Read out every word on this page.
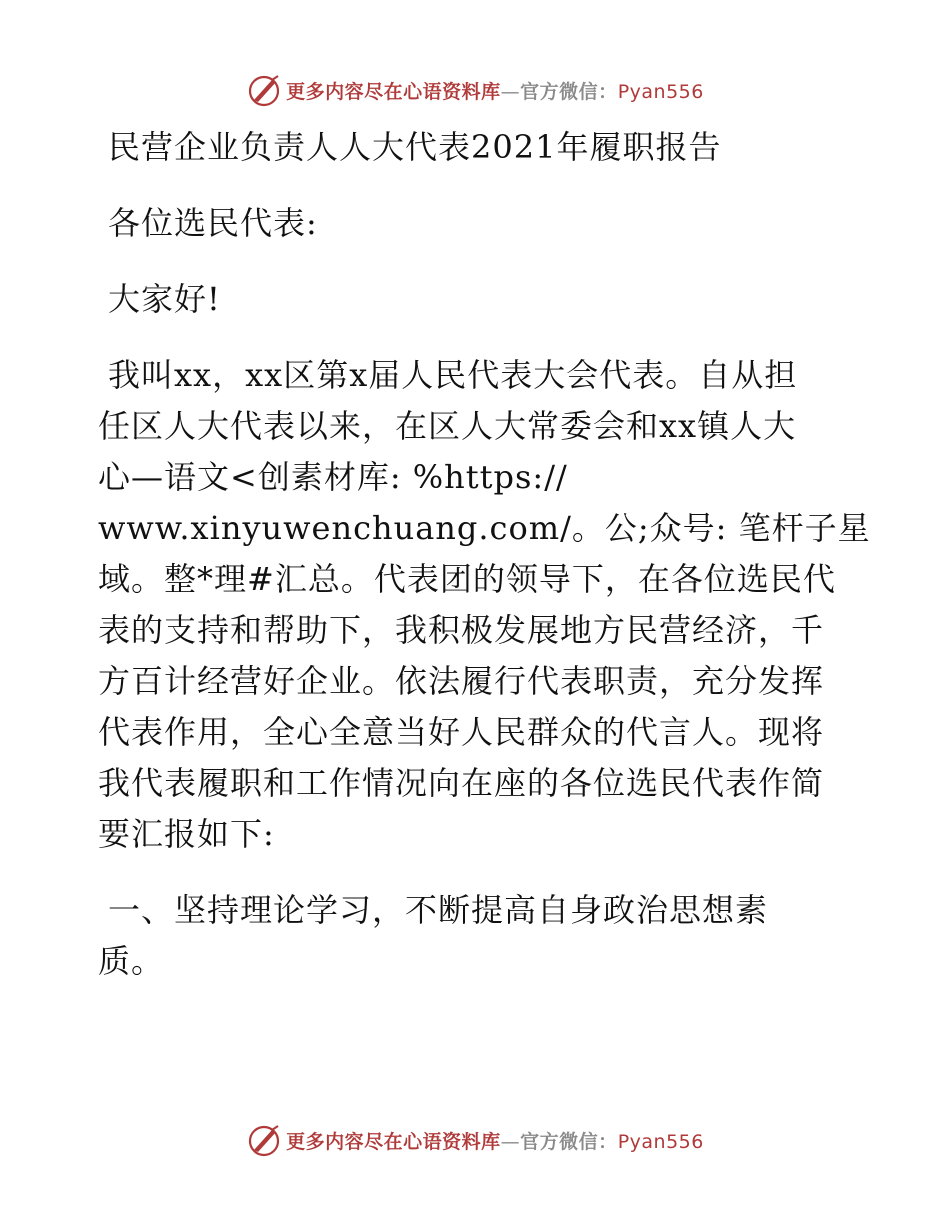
更多内容尽在心语资料库—官方微信：Pyan556
民营企业负责人人大代表2021年履职报告
各位选民代表:
大家好!
我叫xx，xx区第x届人民代表大会代表。自从担
任区人大代表以来，在区人大常委会和xx镇人大
心—语文<创素材库: %https://
www.xinyuwenchuang.com/。公;众号: 笔杆子星
域。整*理#汇总。代表团的领导下，在各位选民代
表的支持和帮助下，我积极发展地方民营经济，千
方百计经营好企业。依法履行代表职责，充分发挥
代表作用，全心全意当好人民群众的代言人。现将
我代表履职和工作情况向在座的各位选民代表作简
要汇报如下:
一、坚持理论学习，不断提高自身政治思想素
质。
更多内容尽在心语资料库—官方微信：Pyan556
